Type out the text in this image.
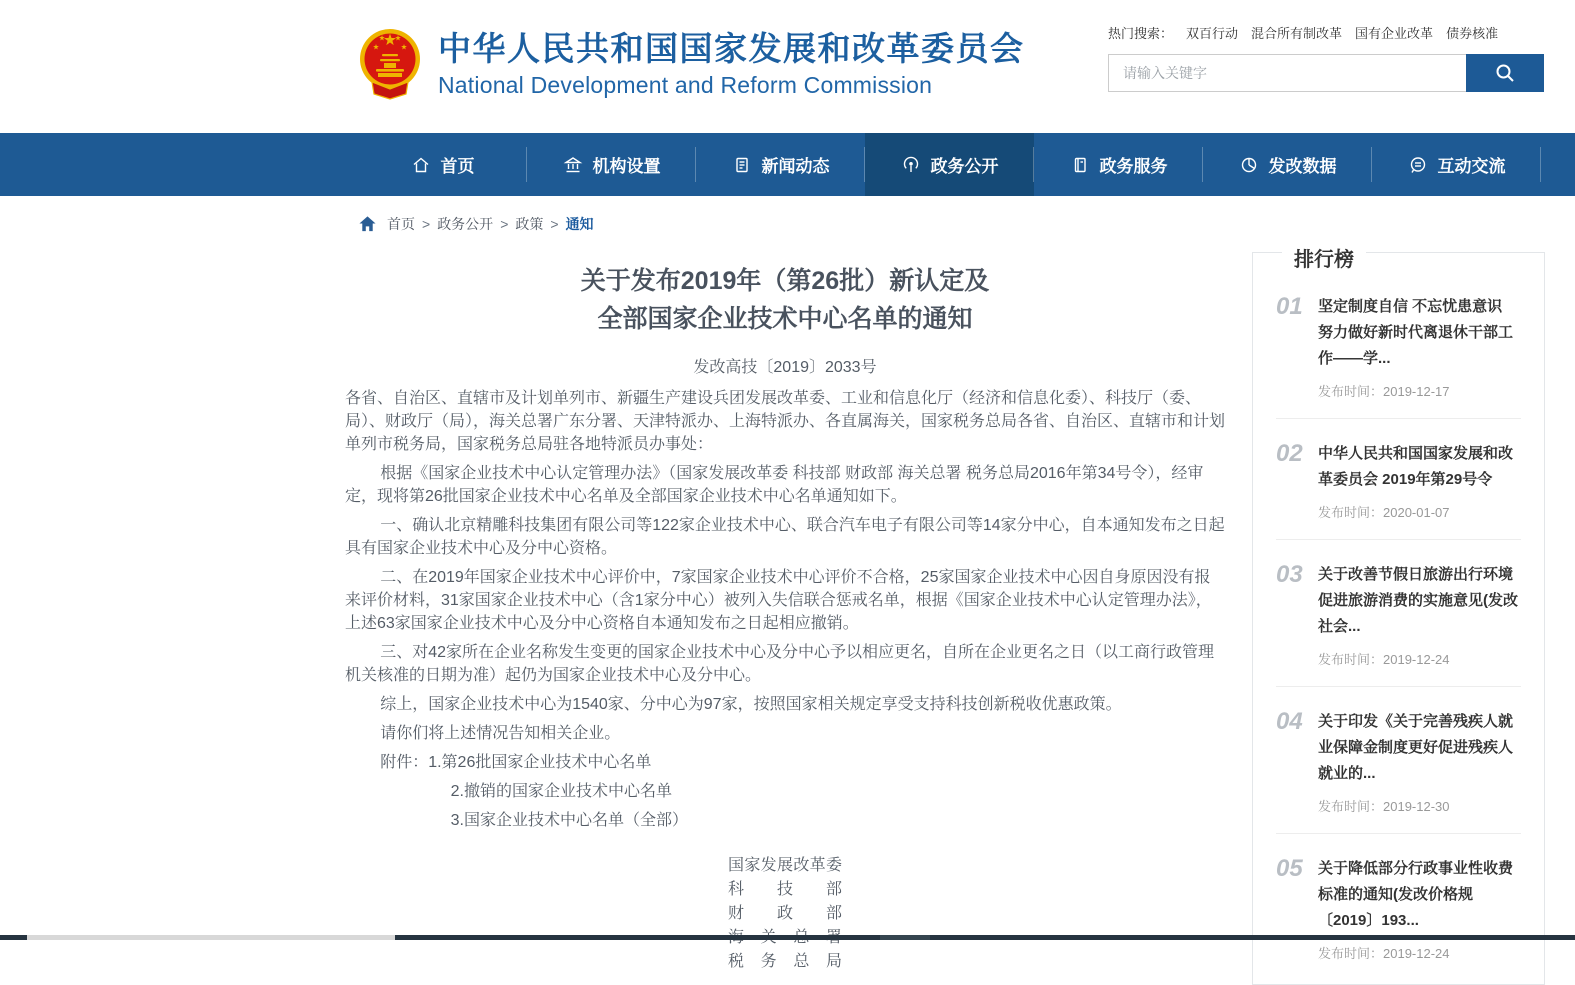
中华人民共和国国家发展和改革委员会
National Development and Reform Commission
热门搜索： 双百行动 混合所有制改革 国有企业改革 债券核准
请输入关键字
首页	机构设置	新闻动态	政务公开	政务服务	发改数据	互动交流
首页 > 政务公开 > 政策 > 通知
关于发布2019年（第26批）新认定及
全部国家企业技术中心名单的通知
发改高技〔2019〕2033号

各省、自治区、直辖市及计划单列市、新疆生产建设兵团发展改革委、工业和信息化厅（经济和信息化委）、科技厅（委、局）、财政厅（局），海关总署广东分署、天津特派办、上海特派办、各直属海关，国家税务总局各省、自治区、直辖市和计划单列市税务局，国家税务总局驻各地特派员办事处：

根据《国家企业技术中心认定管理办法》（国家发展改革委 科技部 财政部 海关总署 税务总局2016年第34号令），经审定，现将第26批国家企业技术中心名单及全部国家企业技术中心名单通知如下。

一、确认北京精雕科技集团有限公司等122家企业技术中心、联合汽车电子有限公司等14家分中心，自本通知发布之日起具有国家企业技术中心及分中心资格。

二、在2019年国家企业技术中心评价中，7家国家企业技术中心评价不合格，25家国家企业技术中心因自身原因没有报来评价材料，31家国家企业技术中心（含1家分中心）被列入失信联合惩戒名单，根据《国家企业技术中心认定管理办法》，上述63家国家企业技术中心及分中心资格自本通知发布之日起相应撤销。

三、对42家所在企业名称发生变更的国家企业技术中心及分中心予以相应更名，自所在企业更名之日（以工商行政管理机关核准的日期为准）起仍为国家企业技术中心及分中心。

综上，国家企业技术中心为1540家、分中心为97家，按照国家相关规定享受支持科技创新税收优惠政策。

请你们将上述情况告知相关企业。

附件：1.第26批国家企业技术中心名单

2.撤销的国家企业技术中心名单

3.国家企业技术中心名单（全部）

国家发展改革委
科 技 部
财 政 部
税 务 总 局
排行榜
01	坚定制度自信 不忘忧患意识 努力做好新时代离退休干部工作——学...
发布时间：2019-12-17
02	中华人民共和国国家发展和改革委员会 2019年第29号令
发布时间：2020-01-07
03	关于改善节假日旅游出行环境促进旅游消费的实施意见(发改社会...
发布时间：2019-12-24
04	关于印发《关于完善残疾人就业保障金制度更好促进残疾人就业的...
发布时间：2019-12-30
05	关于降低部分行政事业性收费标准的通知(发改价格规〔2019〕193...
发布时间：2019-12-24
